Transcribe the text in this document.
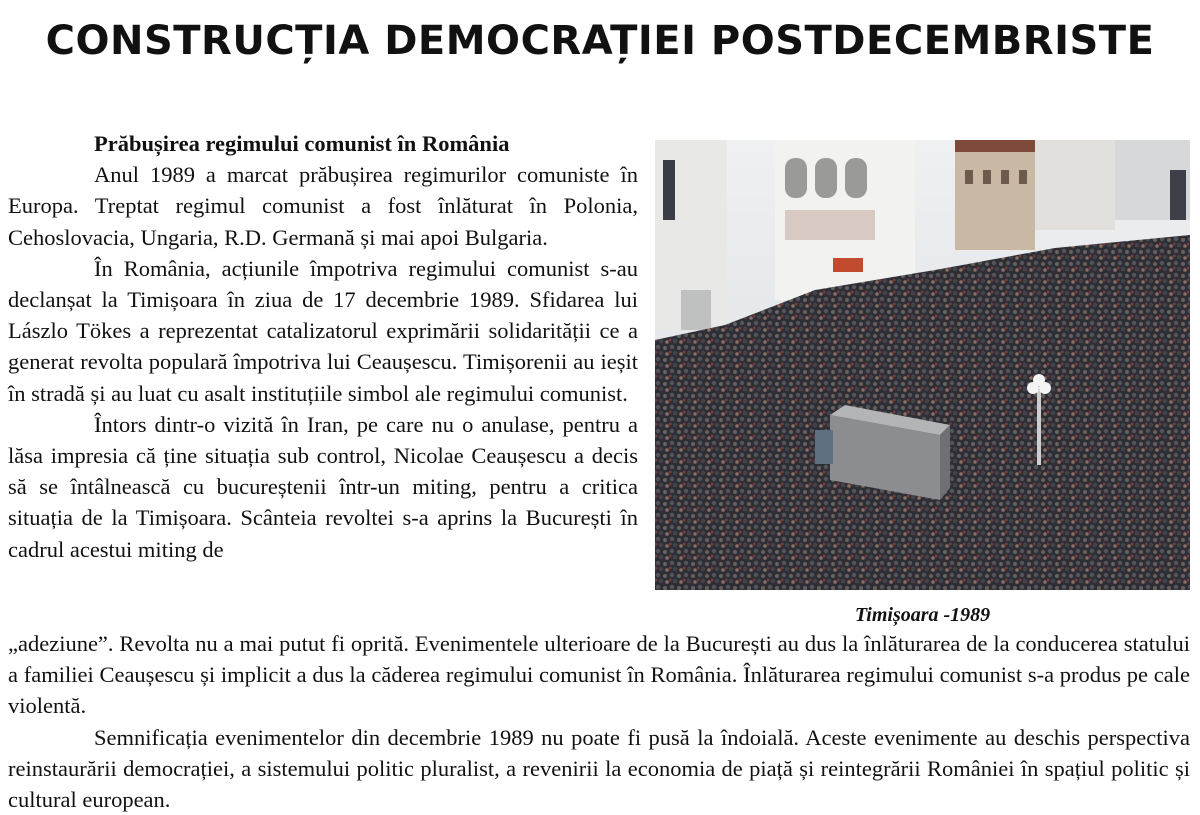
CONSTRUCȚIA DEMOCRAȚIEI POSTDECEMBRISTE
Prăbușirea regimului comunist în România

Anul 1989 a marcat prăbușirea regimurilor comuniste în Europa. Treptat regimul comunist a fost înlăturat în Polonia, Cehoslovacia, Ungaria, R.D. Germană și mai apoi Bulgaria.

În România, acțiunile împotriva regimului comunist s-au declanșat la Timișoara în ziua de 17 decembrie 1989. Sfidarea lui Lászlo Tökes a reprezentat catalizatorul exprimării solidarității ce a generat revolta populară împotriva lui Ceaușescu. Timișorenii au ieșit în stradă și au luat cu asalt instituțiile simbol ale regimului comunist.

Întors dintr-o vizită în Iran, pe care nu o anulase, pentru a lăsa impresia că ține situația sub control, Nicolae Ceaușescu a decis să se întâlnească cu bucureștenii într-un miting, pentru a critica situația de la Timișoara. Scânteia revoltei s-a aprins la București în cadrul acestui miting de

Timișoara -1989

„adeziune”. Revolta nu a mai putut fi oprită. Evenimentele ulterioare de la București au dus la înlăturarea de la conducerea statului a familiei Ceaușescu și implicit a dus la căderea regimului comunist în România. Înlăturarea regimului comunist s-a produs pe cale violentă.

Semnificația evenimentelor din decembrie 1989 nu poate fi pusă la îndoială. Aceste evenimente au deschis perspectiva reinstaurării democrației, a sistemului politic pluralist, a revenirii la economia de piață și reintegrării României în spațiul politic și cultural european.
